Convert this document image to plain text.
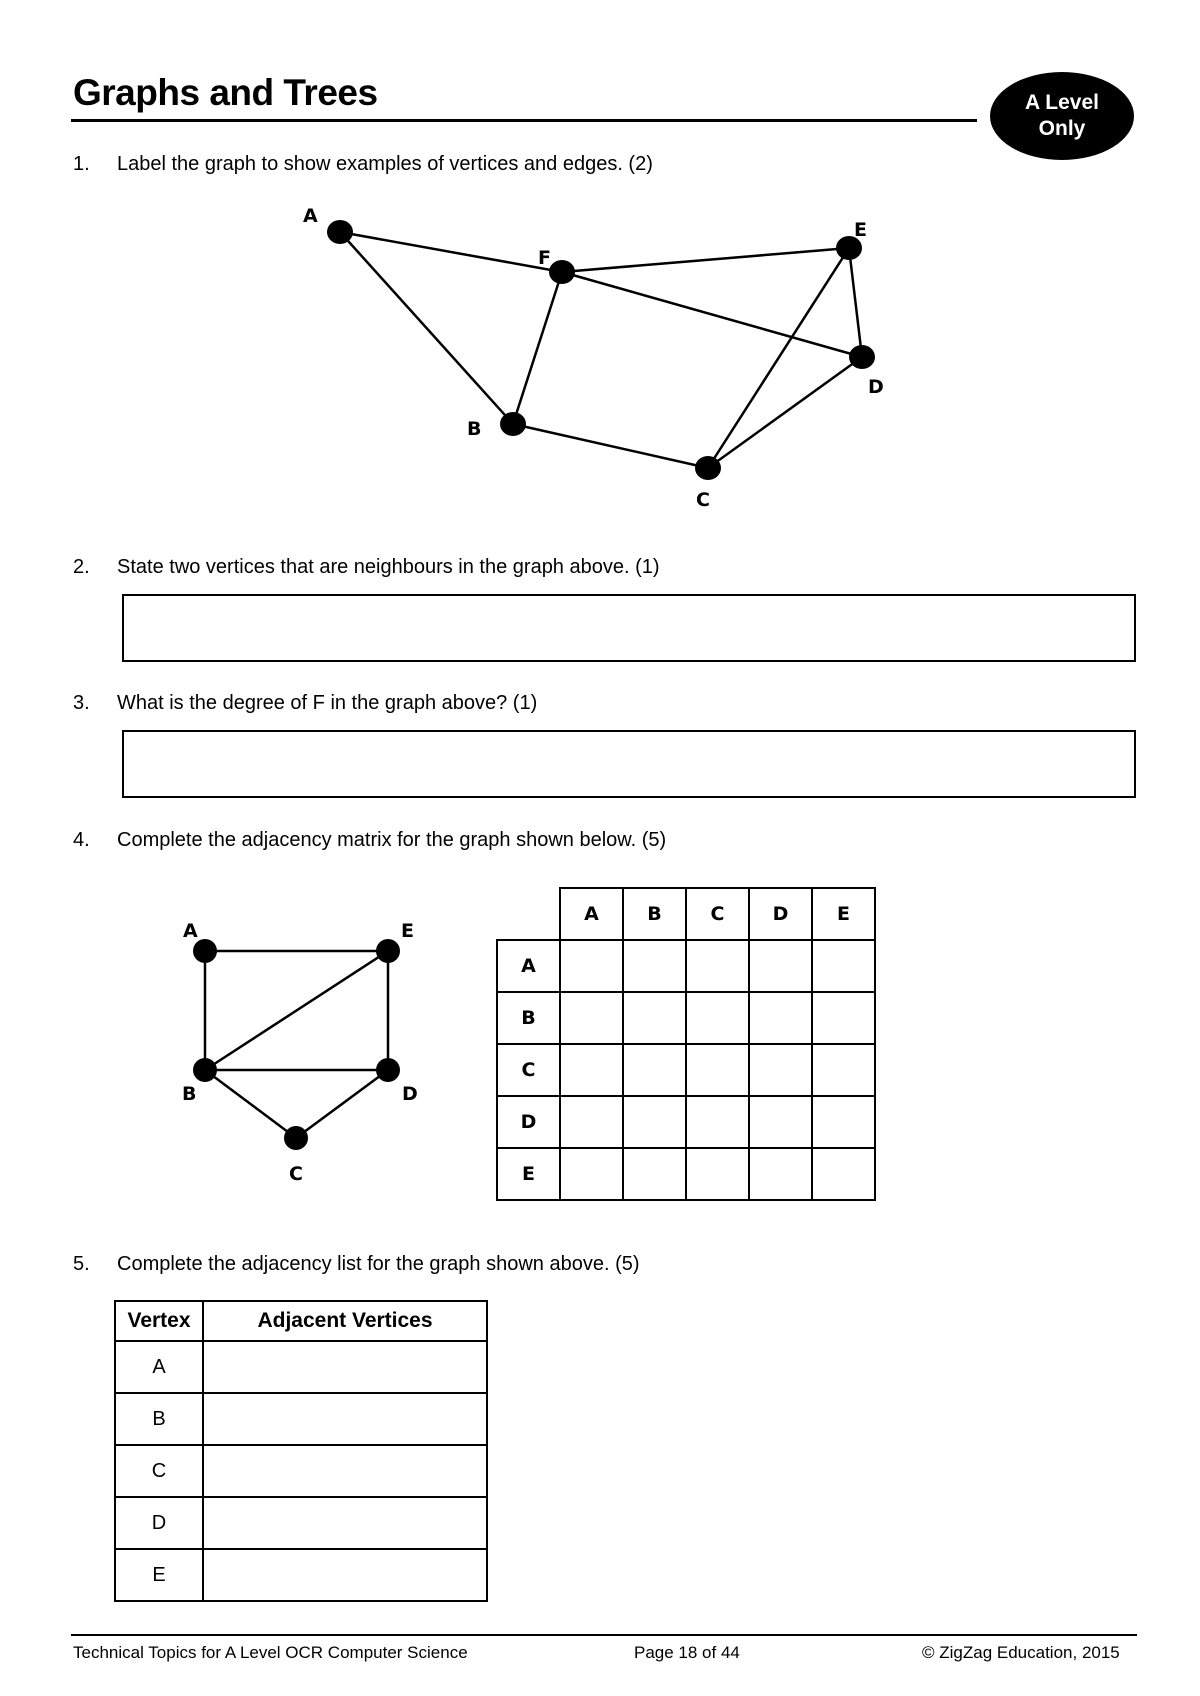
Graphs and Trees	A Level
Only
1. Label the graph to show examples of vertices and edges. (2)
A
F
E
D
B
C
2. State two vertices that are neighbours in the graph above. (1)
3. What is the degree of F in the graph above? (1)
4. Complete the adjacency matrix for the graph shown below. (5)
A	E
B	D
C
	A	B	C	D	E
A					
B					
C					
D					
E					
5. Complete the adjacency list for the graph shown above. (5)
Vertex	Adjacent Vertices
A	
B	
C	
D	
E	
Technical Topics for A Level OCR Computer Science	Page 18 of 44	© ZigZag Education, 2015
